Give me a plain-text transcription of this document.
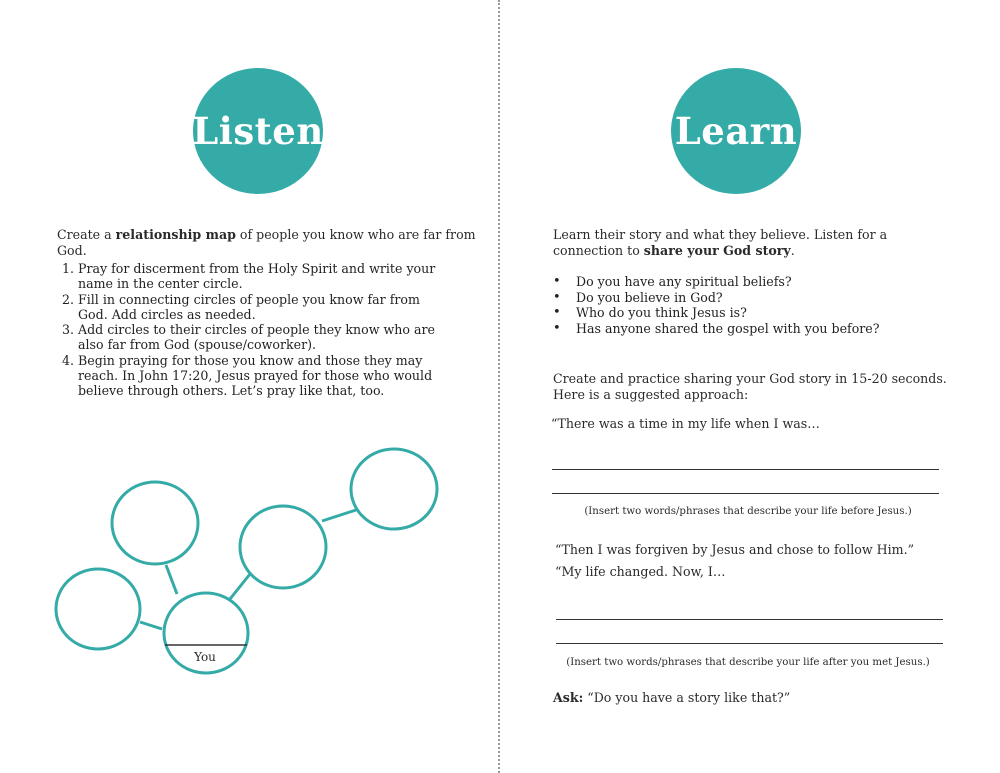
Listen
Create a relationship map of people you know who are far from God.
1. Pray for discerment from the Holy Spirit and write your name in the center circle.
2. Fill in connecting circles of people you know far from God. Add circles as needed.
3. Add circles to their circles of people they know who are also far from God (spouse/coworker).
4. Begin praying for those you know and those they may reach. In John 17:20, Jesus prayed for those who would believe through others. Let’s pray like that, too.
You
Learn
Learn their story and what they believe. Listen for a connection to share your God story.
• Do you have any spiritual beliefs?
• Do you believe in God?
• Who do you think Jesus is?
• Has anyone shared the gospel with you before?
Create and practice sharing your God story in 15-20 seconds.
Here is a suggested approach:
“There was a time in my life when I was…
(Insert two words/phrases that describe your life before Jesus.)
“Then I was forgiven by Jesus and chose to follow Him.”
“My life changed. Now, I…
(Insert two words/phrases that describe your life after you met Jesus.)
Ask: “Do you have a story like that?”
